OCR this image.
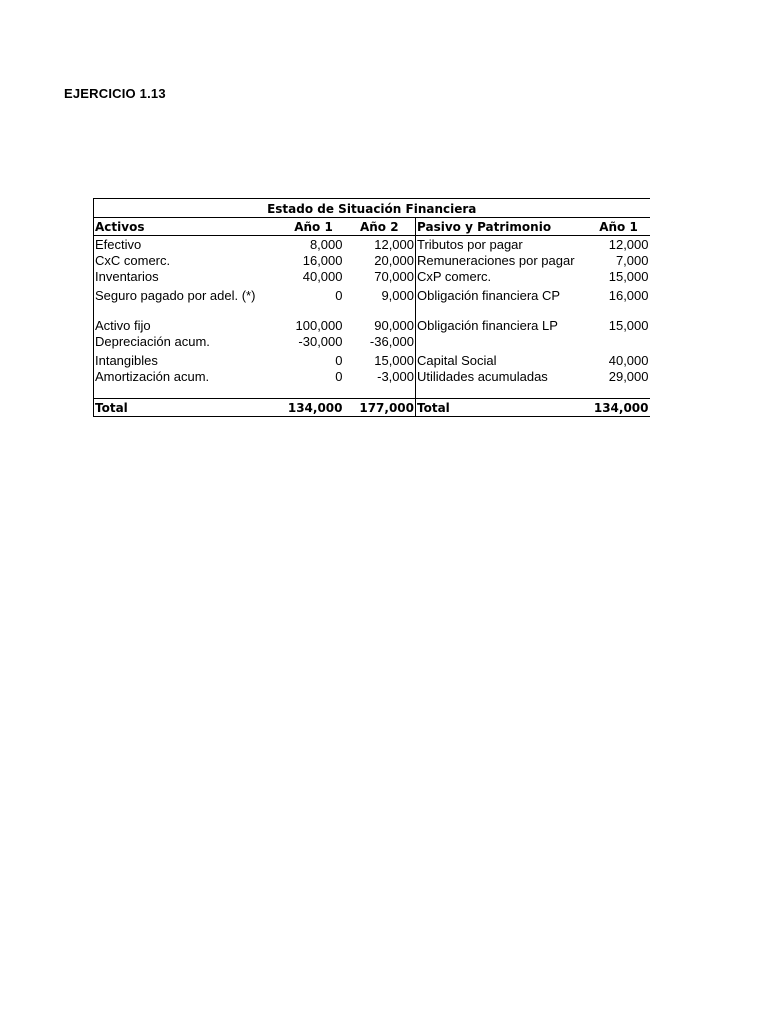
EJERCICIO 1.13
Estado de Situación Financiera				
Activos	Año 1	Año 2	Pasivo y Patrimonio	Año 1
Efectivo	8,000	12,000	Tributos por pagar	12,000
CxC comerc.	16,000	20,000	Remuneraciones por pagar	7,000
Inventarios	40,000	70,000	CxP comerc.	15,000
Seguro pagado por adel. (*)	0	9,000	Obligación financiera CP	16,000

Activo fijo	100,000	90,000	Obligación financiera LP	15,000
Depreciación acum.	-30,000	-36,000		
Intangibles	0	15,000	Capital Social	40,000
Amortización acum.	0	-3,000	Utilidades acumuladas	29,000

Total	134,000	177,000	Total	134,000
